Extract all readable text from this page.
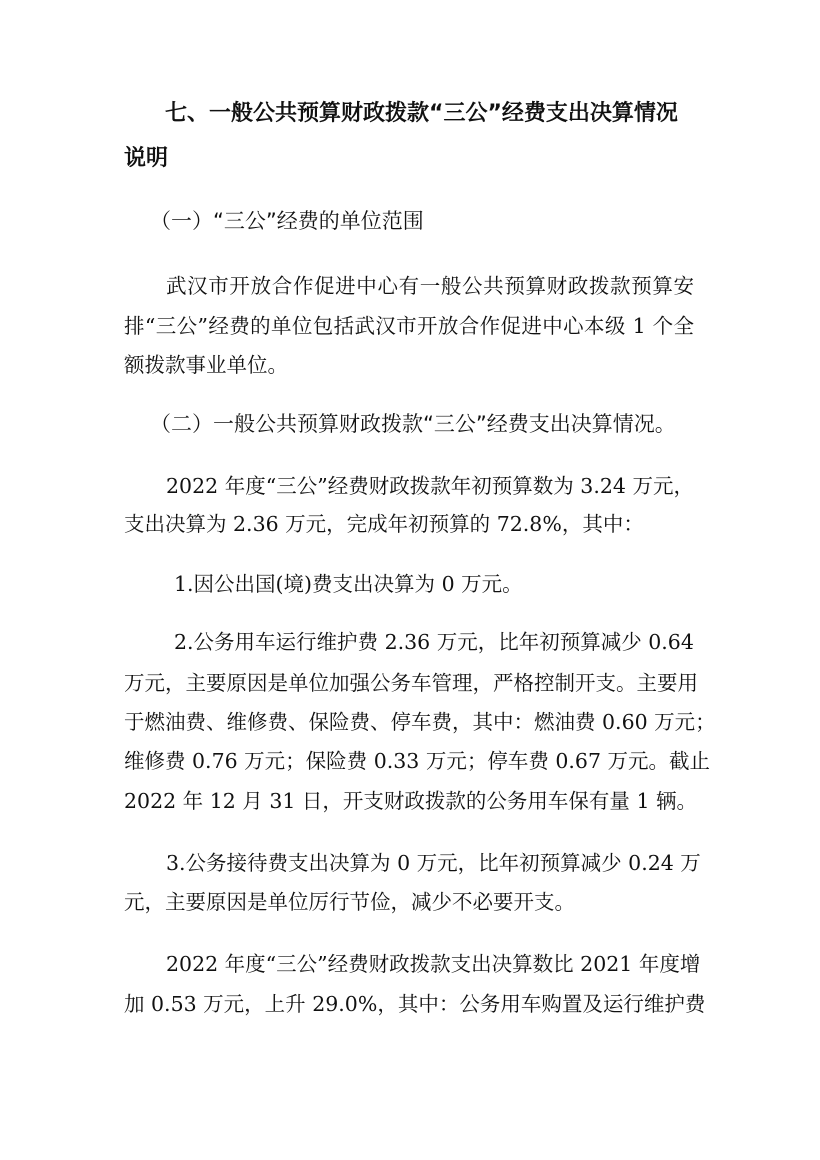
七、一般公共预算财政拨款“三公”经费支出决算情况
说明
（一）“三公”经费的单位范围
武汉市开放合作促进中心有一般公共预算财政拨款预算安
排“三公”经费的单位包括武汉市开放合作促进中心本级 1 个全
额拨款事业单位。
（二）一般公共预算财政拨款“三公”经费支出决算情况。
2022 年度“三公”经费财政拨款年初预算数为 3.24 万元，
支出决算为 2.36 万元，完成年初预算的 72.8%，其中：
1.因公出国(境)费支出决算为 0 万元。
2.公务用车运行维护费 2.36 万元，比年初预算减少 0.64
万元，主要原因是单位加强公务车管理，严格控制开支。主要用
于燃油费、维修费、保险费、停车费，其中：燃油费 0.60 万元；
维修费 0.76 万元；保险费 0.33 万元；停车费 0.67 万元。截止
2022 年 12 月 31 日，开支财政拨款的公务用车保有量 1 辆。
3.公务接待费支出决算为 0 万元，比年初预算减少 0.24 万
元，主要原因是单位厉行节俭，减少不必要开支。
2022 年度“三公”经费财政拨款支出决算数比 2021 年度增
加 0.53 万元，上升 29.0%，其中：公务用车购置及运行维护费
